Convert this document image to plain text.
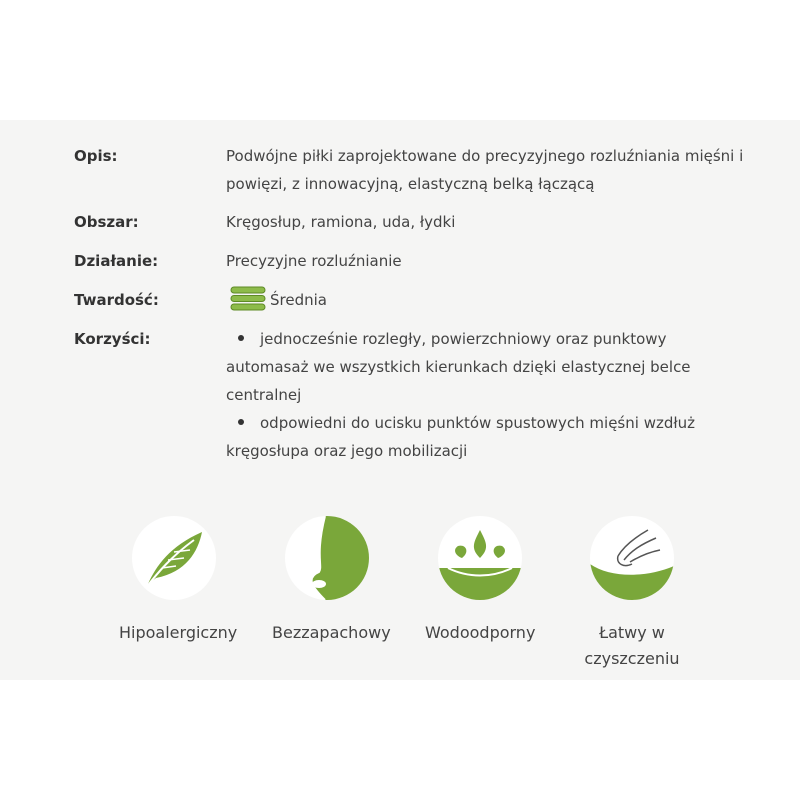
Opis:	Podwójne piłki zaprojektowane do precyzyjnego rozluźniania mięśni i powięzi, z innowacyjną, elastyczną belką łączącą
Obszar:	Kręgosłup, ramiona, uda, łydki
Działanie:	Precyzyjne rozluźnianie
Twardość:	Średnia
Korzyści:	jednocześnie rozległy, powierzchniowy oraz punktowy automasaż we wszystkich kierunkach dzięki elastycznej belce centralnej
odpowiedni do ucisku punktów spustowych mięśni wzdłuż kręgosłupa oraz jego mobilizacji
Hipoalergiczny	Bezzapachowy	Wodoodporny	Łatwy w czyszczeniu
